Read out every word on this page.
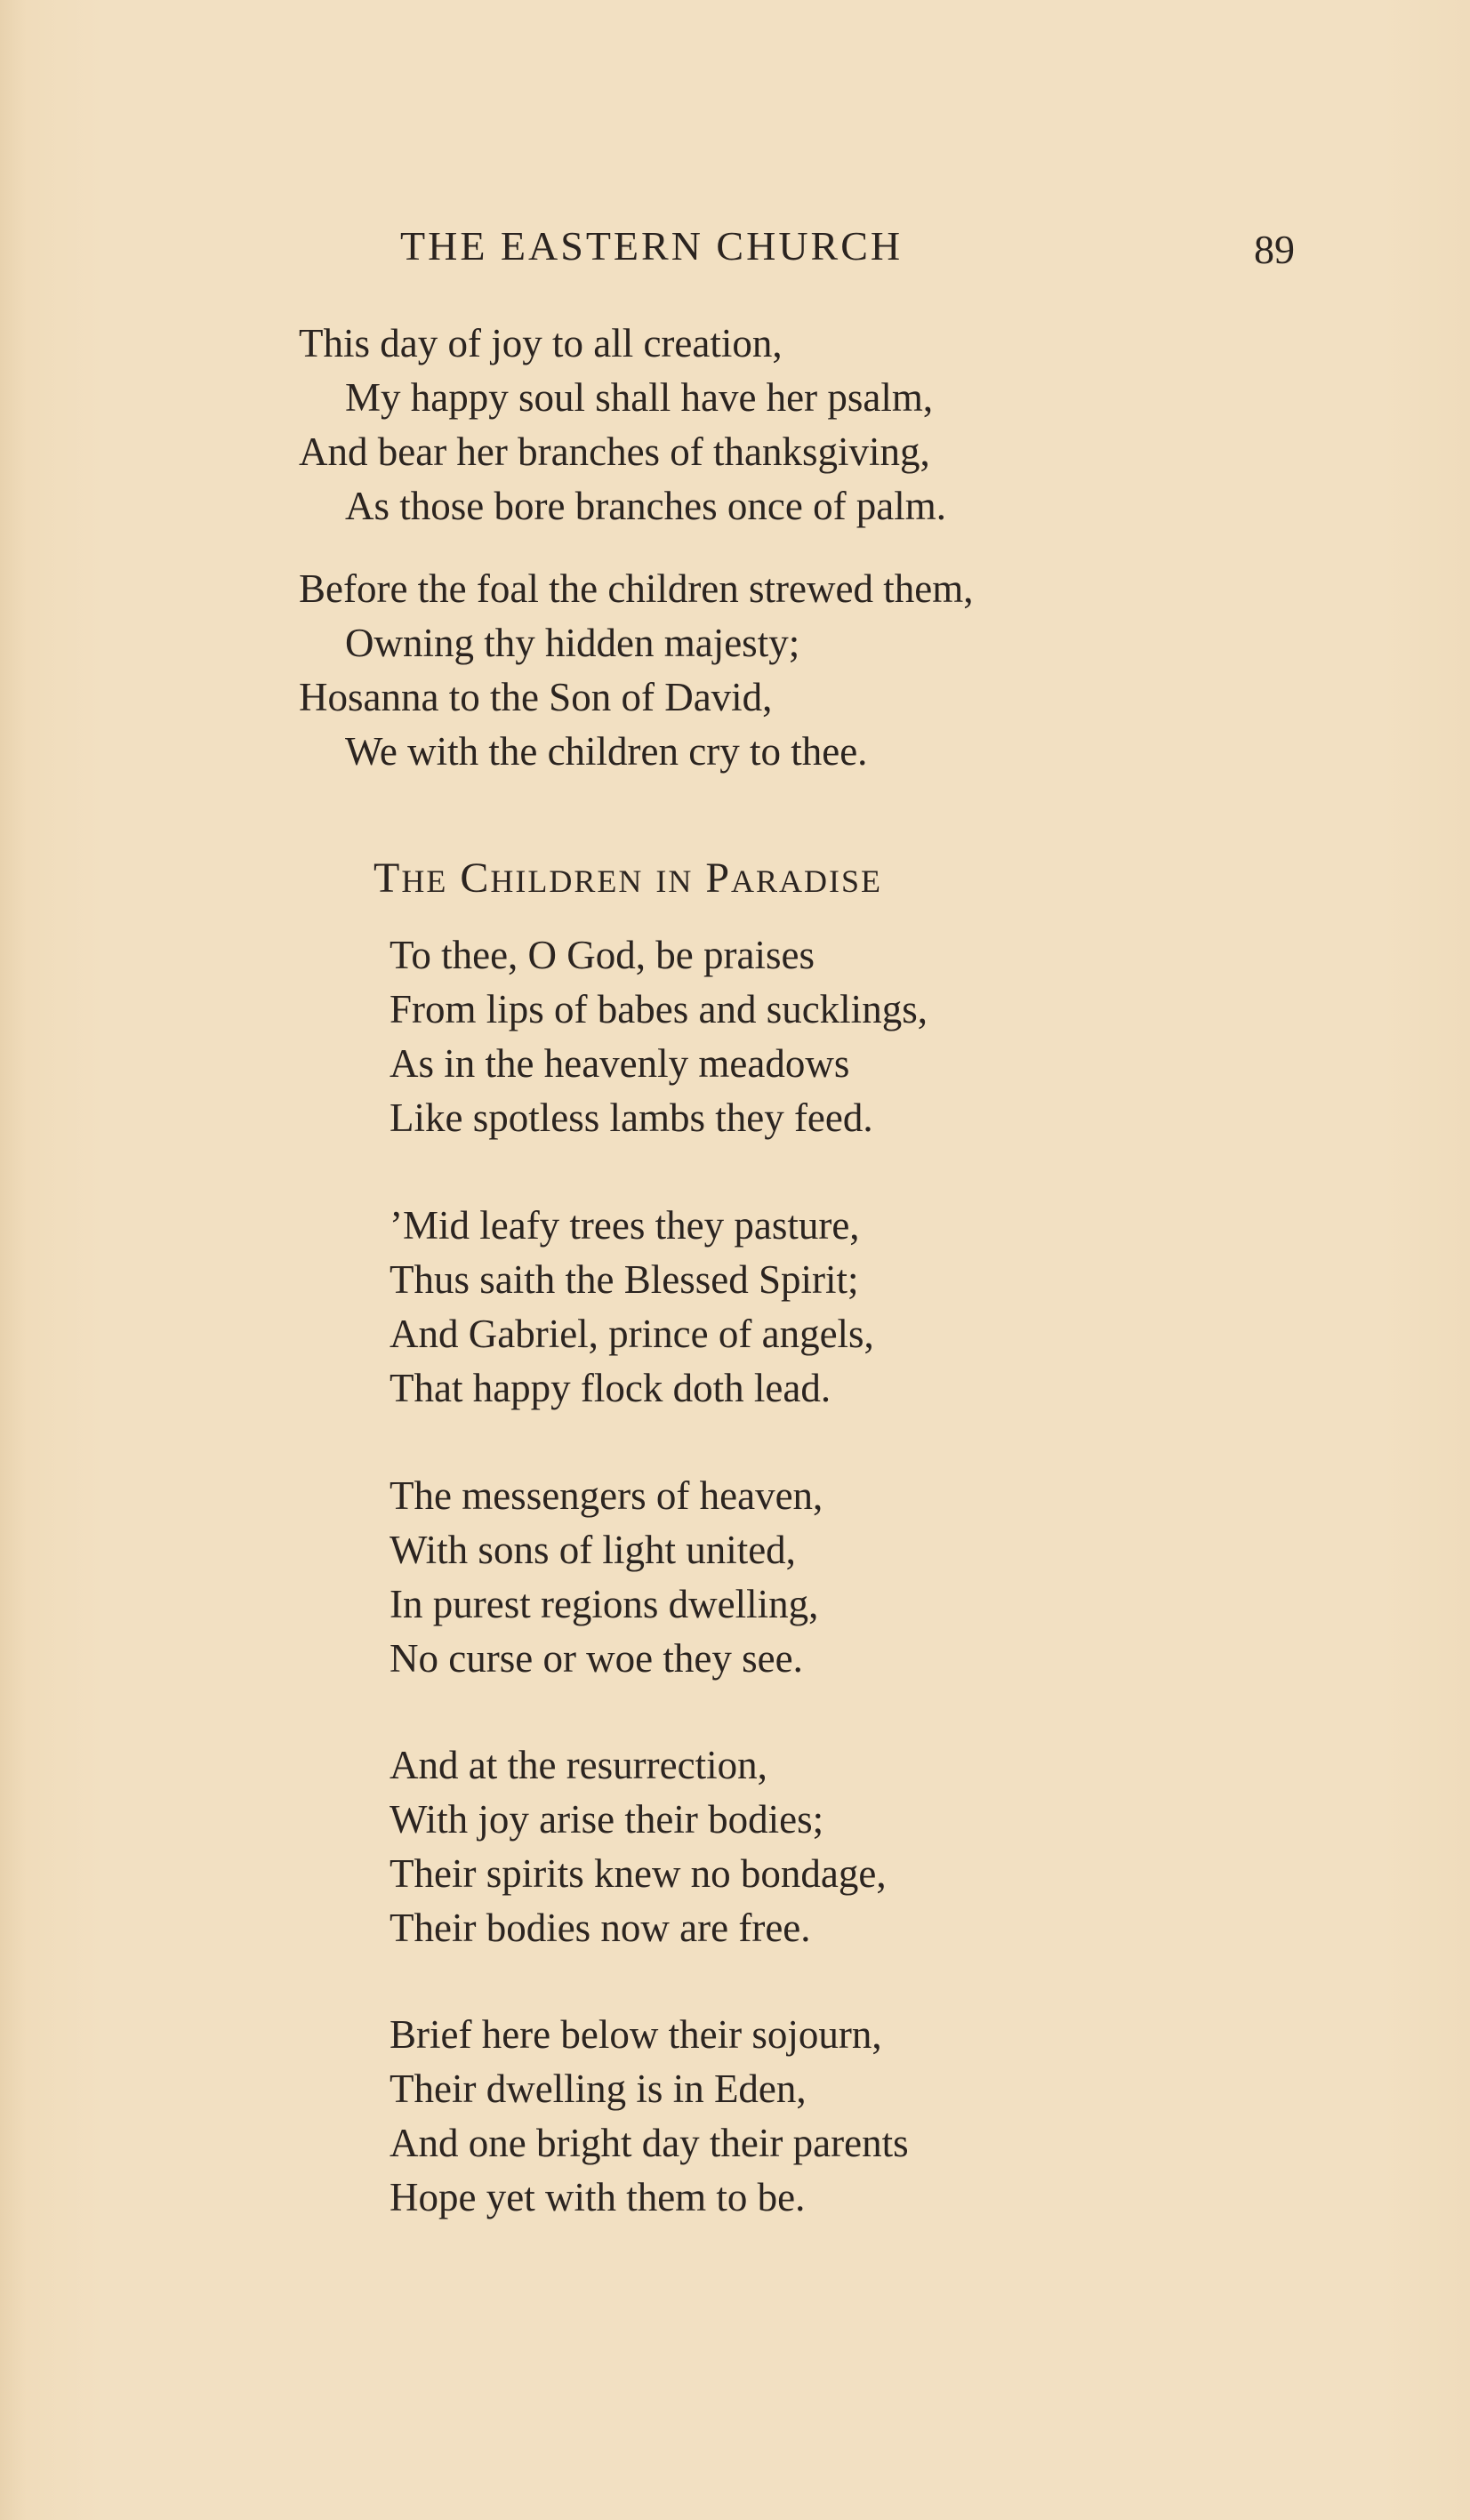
THE EASTERN CHURCH	89
This day of joy to all creation,
My happy soul shall have her psalm,
And bear her branches of thanksgiving,
As those bore branches once of palm.
Before the foal the children strewed them,
Owning thy hidden majesty;
Hosanna to the Son of David,
We with the children cry to thee.
THE CHILDREN IN PARADISE
To thee, O God, be praises
From lips of babes and sucklings,
As in the heavenly meadows
Like spotless lambs they feed.
’Mid leafy trees they pasture,
Thus saith the Blessed Spirit;
And Gabriel, prince of angels,
That happy flock doth lead.
The messengers of heaven,
With sons of light united,
In purest regions dwelling,
No curse or woe they see.
And at the resurrection,
With joy arise their bodies;
Their spirits knew no bondage,
Their bodies now are free.
Brief here below their sojourn,
Their dwelling is in Eden,
And one bright day their parents
Hope yet with them to be.
